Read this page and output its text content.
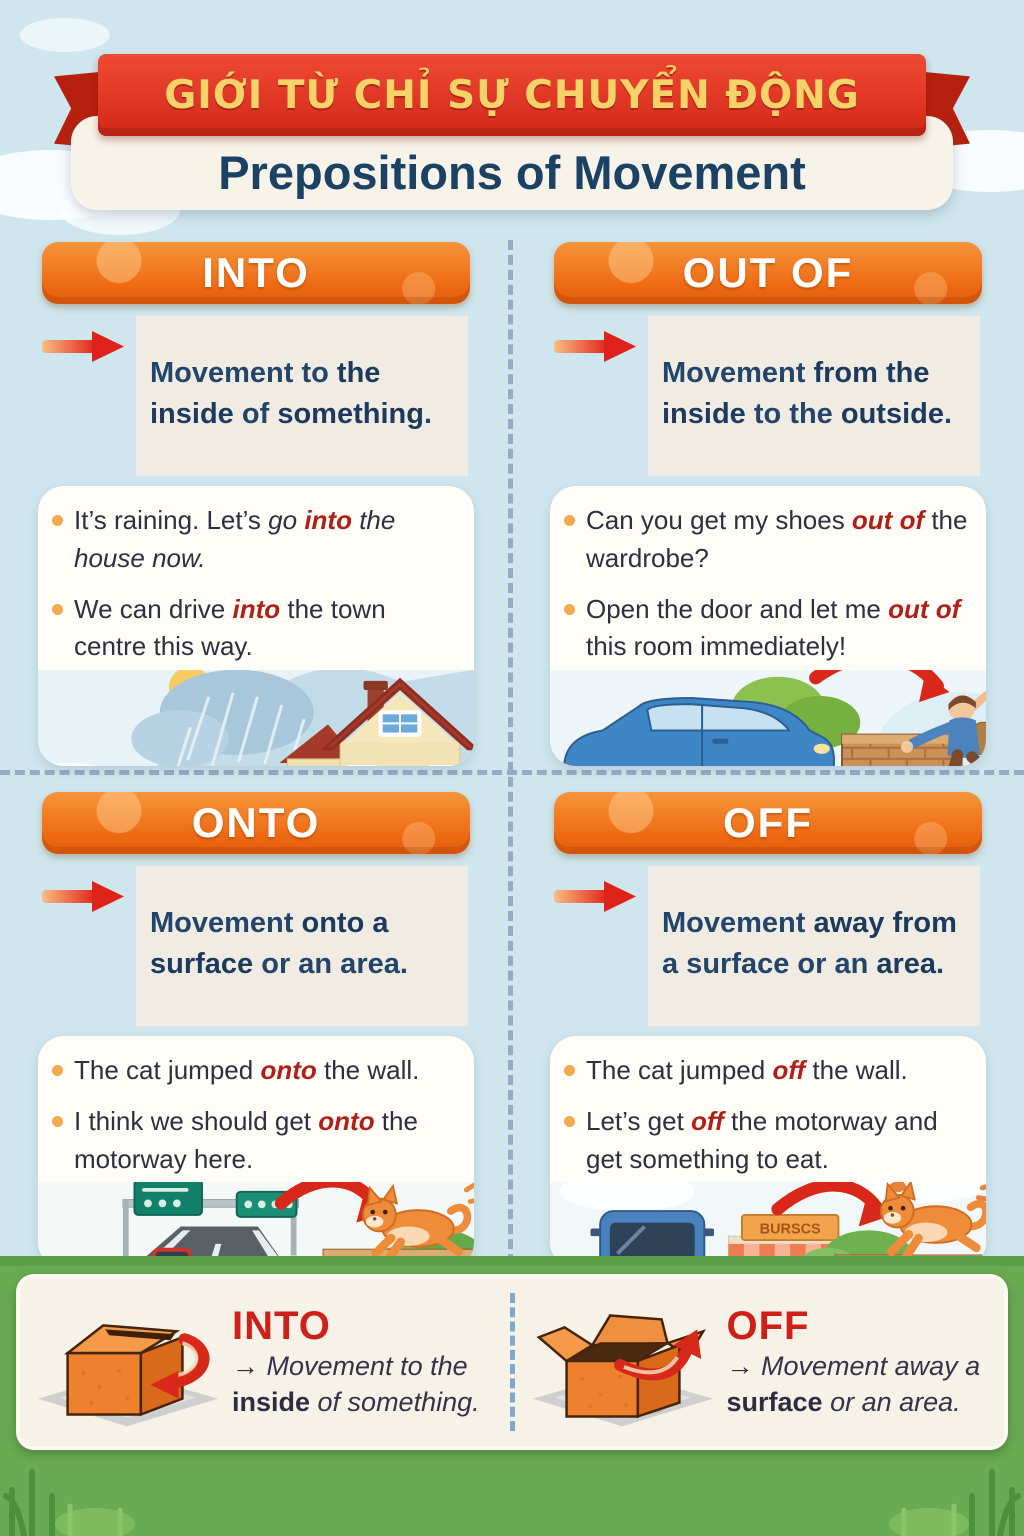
GIỚI TỪ CHỈ SỰ CHUYỂN ĐỘNG
Prepositions of Movement
INTO

Movement to the inside of something.

It’s raining. Let’s go into the house now.

We can drive into the town centre this way.

OUT OF

Movement from the inside to the outside.

Can you get my shoes out of the wardrobe?

Open the door and let me out of this room immediately!

ONTO

Movement onto a surface or an area.

The cat jumped onto the wall.

I think we should get onto the motorway here.

OFF

Movement away from a surface or an area.

The cat jumped off the wall.

Let’s get off the motorway and get something to eat.

BURSCS
INTO
→ Movement to the inside of something.
OFF
→ Movement away a surface or an area.
